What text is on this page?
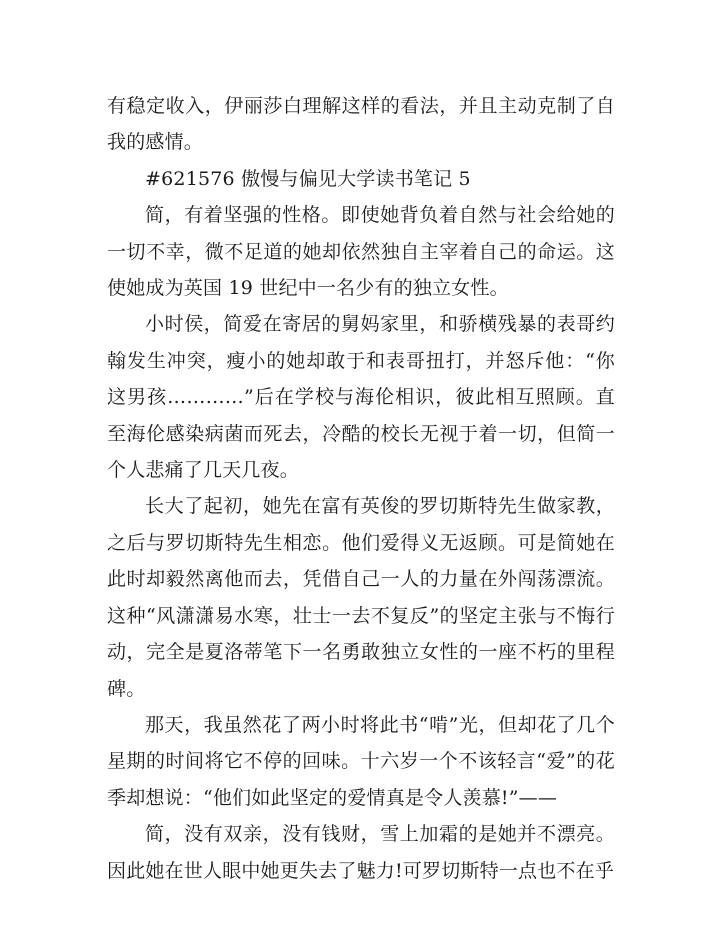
有稳定收入，伊丽莎白理解这样的看法，并且主动克制了自我的感情。

#621576 傲慢与偏见大学读书笔记 5

简，有着坚强的性格。即使她背负着自然与社会给她的一切不幸，微不足道的她却依然独自主宰着自己的命运。这使她成为英国 19 世纪中一名少有的独立女性。

小时侯，简爱在寄居的舅妈家里，和骄横残暴的表哥约翰发生冲突，瘦小的她却敢于和表哥扭打，并怒斥他：“你这男孩…………”后在学校与海伦相识，彼此相互照顾。直至海伦感染病菌而死去，冷酷的校长无视于着一切，但简一个人悲痛了几天几夜。

长大了起初，她先在富有英俊的罗切斯特先生做家教，之后与罗切斯特先生相恋。他们爱得义无返顾。可是简她在此时却毅然离他而去，凭借自己一人的力量在外闯荡漂流。这种“风潇潇易水寒，壮士一去不复反”的坚定主张与不悔行动，完全是夏洛蒂笔下一名勇敢独立女性的一座不朽的里程碑。

那天，我虽然花了两小时将此书“啃”光，但却花了几个星期的时间将它不停的回味。十六岁一个不该轻言“爱”的花季却想说：“他们如此坚定的爱情真是令人羡慕!”——

简，没有双亲，没有钱财，雪上加霜的是她并不漂亮。因此她在世人眼中她更失去了魅力!可罗切斯特一点也不在乎
